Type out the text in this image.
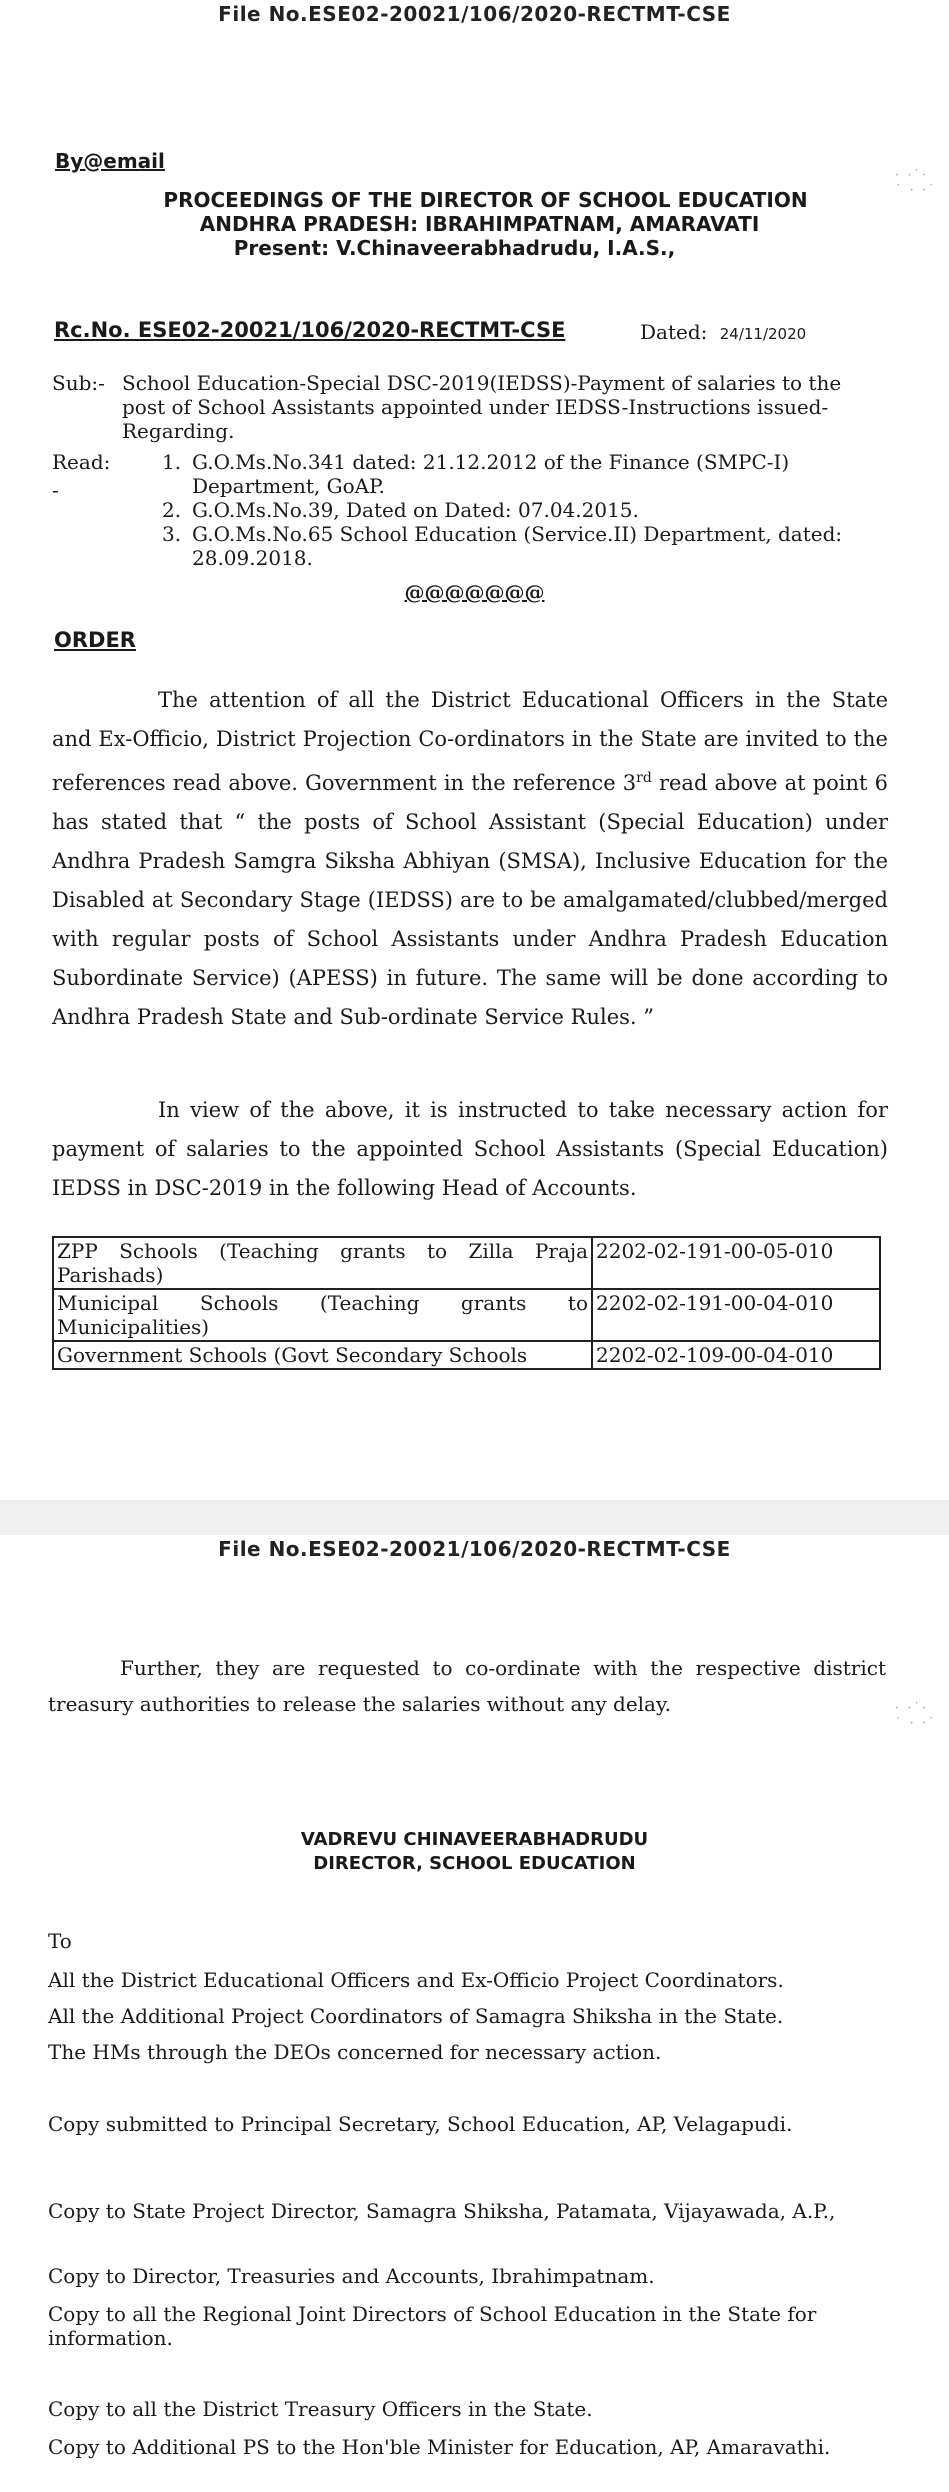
File No.ESE02-20021/106/2020-RECTMT-CSE
· ·˙·
˙ · ·˙
By@email
PROCEEDINGS OF THE DIRECTOR OF SCHOOL EDUCATION
ANDHRA PRADESH: IBRAHIMPATNAM, AMARAVATI
Present: V.Chinaveerabhadrudu, I.A.S.,
Rc.No. ESE02-20021/106/2020-RECTMT-CSE	Dated: 24/11/2020
Sub:- School Education-Special DSC-2019(IEDSS)-Payment of salaries to the post of School Assistants appointed under IEDSS-Instructions issued-Regarding.
Read:
-
1. G.O.Ms.No.341 dated: 21.12.2012 of the Finance (SMPC-I) Department, GoAP.
2. G.O.Ms.No.39, Dated on Dated: 07.04.2015.
3. G.O.Ms.No.65 School Education (Service.II) Department, dated: 28.09.2018.
@@@@@@@
ORDER
The attention of all the District Educational Officers in the State and Ex-Officio, District Projection Co-ordinators in the State are invited to the references read above. Government in the reference 3rd read above at point 6 has stated that “ the posts of School Assistant (Special Education) under Andhra Pradesh Samgra Siksha Abhiyan (SMSA), Inclusive Education for the Disabled at Secondary Stage (IEDSS) are to be amalgamated/clubbed/merged with regular posts of School Assistants under Andhra Pradesh Education Subordinate Service) (APESS) in future. The same will be done according to Andhra Pradesh State and Sub-ordinate Service Rules. ”
In view of the above, it is instructed to take necessary action for payment of salaries to the appointed School Assistants (Special Education) IEDSS in DSC-2019 in the following Head of Accounts.
ZPP Schools (Teaching grants to Zilla Praja Parishads)	2202-02-191-00-05-010
Municipal Schools (Teaching grants to Municipalities)	2202-02-191-00-04-010
Government Schools (Govt Secondary Schools	2202-02-109-00-04-010
File No.ESE02-20021/106/2020-RECTMT-CSE
· ·˙·
˙ · ·˙
Further, they are requested to co-ordinate with the respective district treasury authorities to release the salaries without any delay.
VADREVU CHINAVEERABHADRUDU
DIRECTOR, SCHOOL EDUCATION
To
All the District Educational Officers and Ex-Officio Project Coordinators.
All the Additional Project Coordinators of Samagra Shiksha in the State.
The HMs through the DEOs concerned for necessary action.
Copy submitted to Principal Secretary, School Education, AP, Velagapudi.
Copy to State Project Director, Samagra Shiksha, Patamata, Vijayawada, A.P.,
Copy to Director, Treasuries and Accounts, Ibrahimpatnam.
Copy to all the Regional Joint Directors of School Education in the State for information.
Copy to all the District Treasury Officers in the State.
Copy to Additional PS to the Hon'ble Minister for Education, AP, Amaravathi.
